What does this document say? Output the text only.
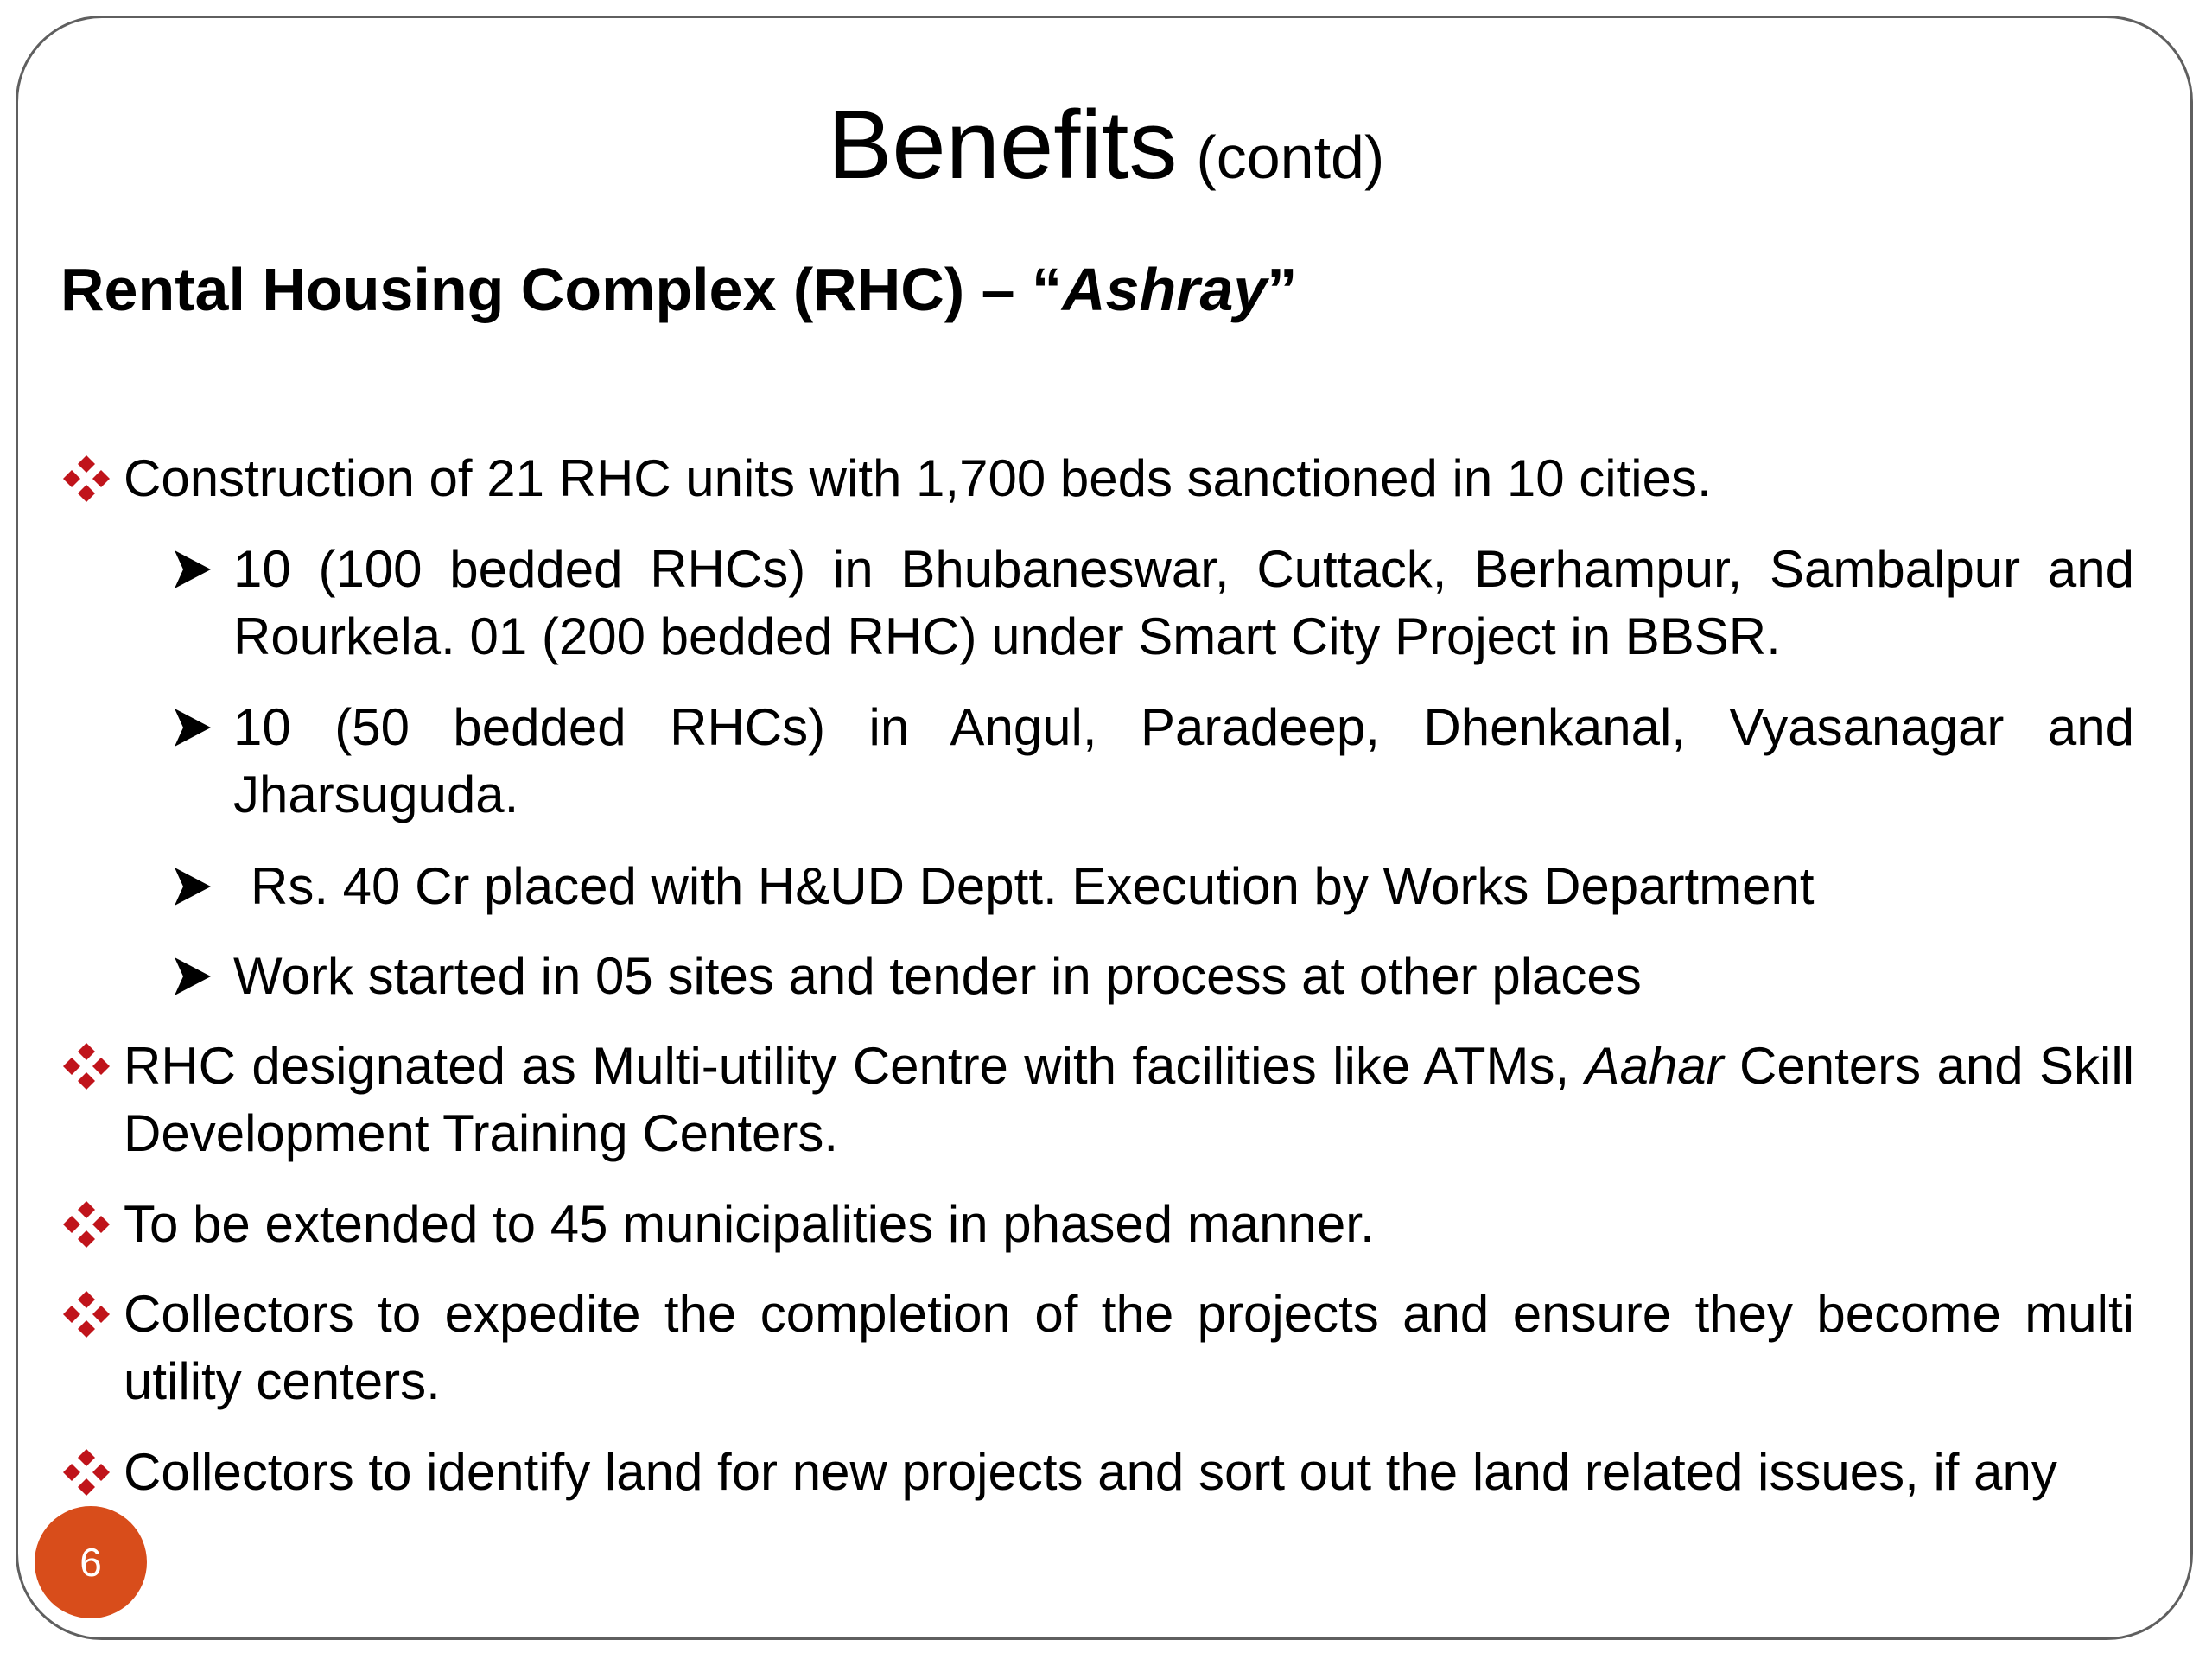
Benefits (contd)
Rental Housing Complex (RHC) – “Ashray”
Construction of 21 RHC units with 1,700 beds sanctioned in 10 cities.
10 (100 bedded RHCs) in Bhubaneswar, Cuttack, Berhampur, Sambalpur and Rourkela. 01 (200 bedded RHC) under Smart City Project in BBSR.
10 (50 bedded RHCs) in Angul, Paradeep, Dhenkanal, Vyasanagar and Jharsuguda.
Rs. 40 Cr placed with H&UD Deptt. Execution by Works Department
Work started in 05 sites and tender in process at other places
RHC designated as Multi-utility Centre with facilities like ATMs, Aahar Centers and Skill Development Training Centers.
To be extended to 45 municipalities in phased manner.
Collectors to expedite the completion of the projects and ensure they become multi utility centers.
Collectors to identify land for new projects and sort out the land related issues, if any
6
